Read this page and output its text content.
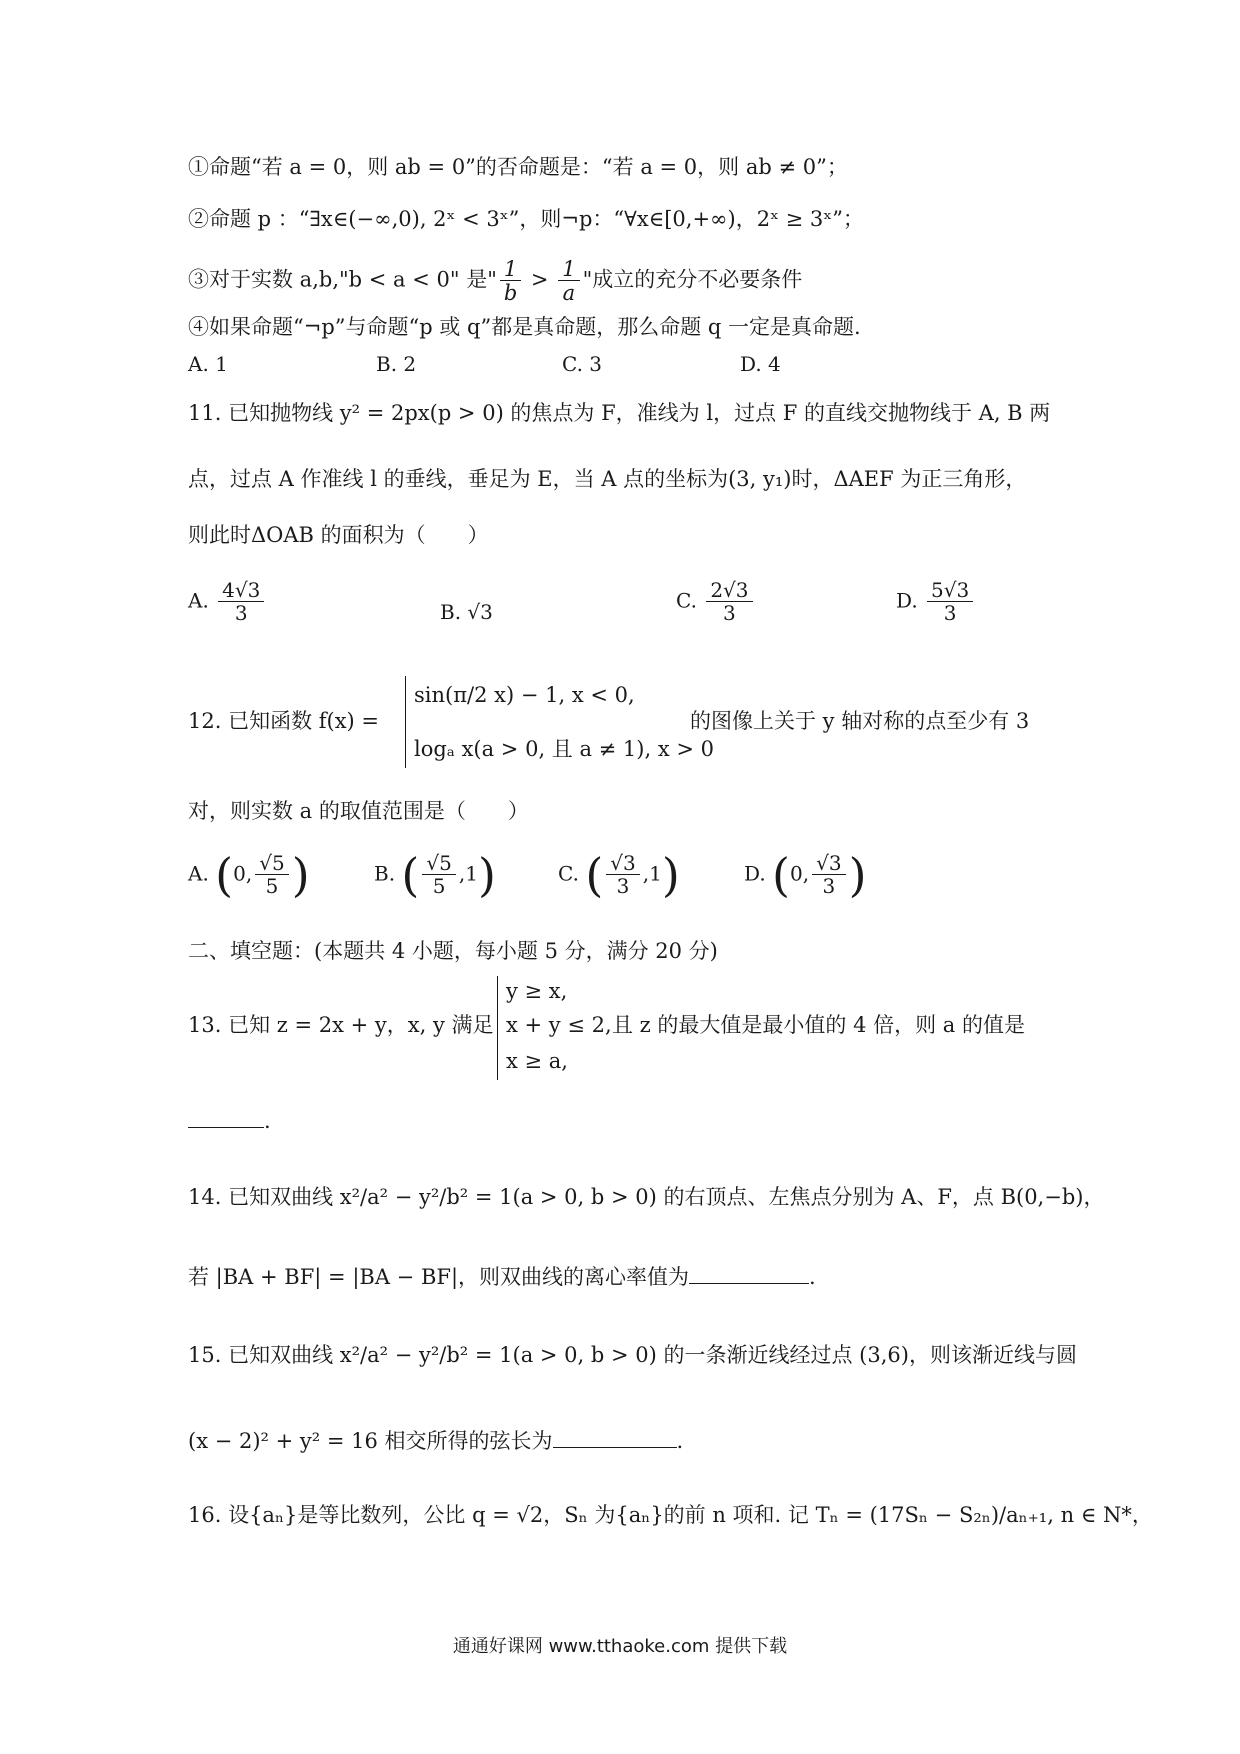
①命题“若 a = 0，则 ab = 0”的否命题是：“若 a = 0，则 ab ≠ 0”；
②命题 p ：“∃x∈(−∞,0), 2ˣ < 3ˣ”，则¬p：“∀x∈[0,+∞)，2ˣ ≥ 3ˣ”；
③对于实数 a,b,"b < a < 0" 是" $\frac{1}{b} > \frac{1}{a}$ "成立的充分不必要条件
④如果命题“¬p”与命题“p 或 q”都是真命题，那么命题 q 一定是真命题.
A. 1	B. 2	C. 3	D. 4
11. 已知抛物线 y² = 2px(p > 0) 的焦点为 F，准线为 l，过点 F 的直线交抛物线于 A, B 两
点，过点 A 作准线 l 的垂线，垂足为 E，当 A 点的坐标为(3, y₁)时，ΔAEF 为正三角形，
则此时ΔOAB 的面积为（　　）
A. $\frac{4√3}{3}$	B. √3	C. $\frac{2√3}{3}$	D. $\frac{5√3}{3}$
12. 已知函数 f(x) =
sin(π/2 x) − 1, x < 0,
logₐ x(a > 0, 且 a ≠ 1), x > 0
的图像上关于 y 轴对称的点至少有 3
对，则实数 a 的取值范围是（　　）
A. (0, $\frac{√5}{5}$ )	B. ( $\frac{√5}{5} ,1$)	C. ( $\frac{√3}{3} ,1$)	D. (0, $\frac{√3}{3}$ )
二、填空题：(本题共 4 小题，每小题 5 分，满分 20 分)
13. 已知 z = 2x + y，x, y 满足
y ≥ x,
x + y ≤ 2,
x ≥ a,
且 z 的最大值是最小值的 4 倍，则 a 的值是
.
14. 已知双曲线 x²/a² − y²/b² = 1(a > 0, b > 0) 的右顶点、左焦点分别为 A、F，点 B(0,−b)，
若 |BA + BF| = |BA − BF|，则双曲线的离心率值为	.
15. 已知双曲线 x²/a² − y²/b² = 1(a > 0, b > 0) 的一条渐近线经过点 (3,6)，则该渐近线与圆
(x − 2)² + y² = 16 相交所得的弦长为	.
16. 设{aₙ}是等比数列，公比 q = √2，Sₙ 为{aₙ}的前 n 项和. 记 Tₙ = (17Sₙ − S₂ₙ)/aₙ₊₁, n ∈ N*，
通通好课网 www.tthaoke.com 提供下载
